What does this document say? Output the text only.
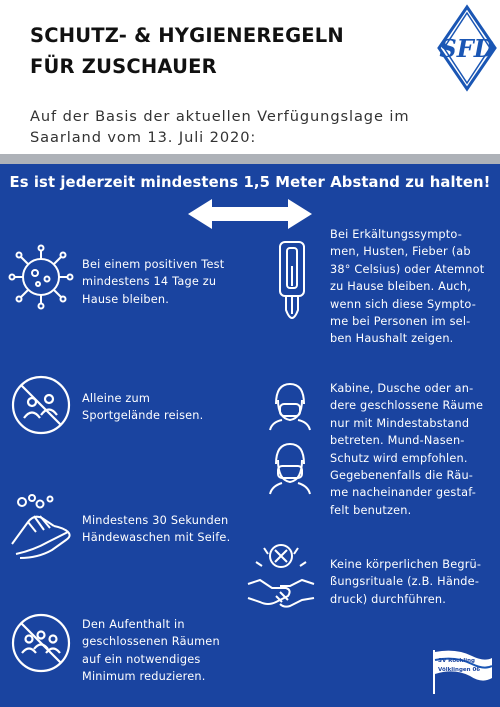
SCHUTZ- & HYGIENEREGELN
FÜR ZUSCHAUER
SFD
Auf der Basis der aktuellen Verfügungslage im
Saarland vom 13. Juli 2020:
Es ist jederzeit mindestens 1,5 Meter Abstand zu halten!
Bei einem positiven Test
mindestens 14 Tage zu
Hause bleiben.
Bei Erkältungssympto-
men, Husten, Fieber (ab
38° Celsius) oder Atemnot
zu Hause bleiben. Auch,
wenn sich diese Sympto-
me bei Personen im sel-
ben Haushalt zeigen.
Alleine zum
Sportgelände reisen.
Kabine, Dusche oder an-
dere geschlossene Räume
nur mit Mindestabstand
betreten. Mund-Nasen-
Schutz wird empfohlen.
Gegebenenfalls die Räu-
me nacheinander gestaf-
felt benutzen.
Mindestens 30 Sekunden
Händewaschen mit Seife.
Keine körperlichen Begrü-
ßungsrituale (z.B. Hände-
druck) durchführen.
Den Aufenthalt in
geschlossenen Räumen
auf ein notwendiges
Minimum reduzieren.
SV Röchling
Völklingen 06
